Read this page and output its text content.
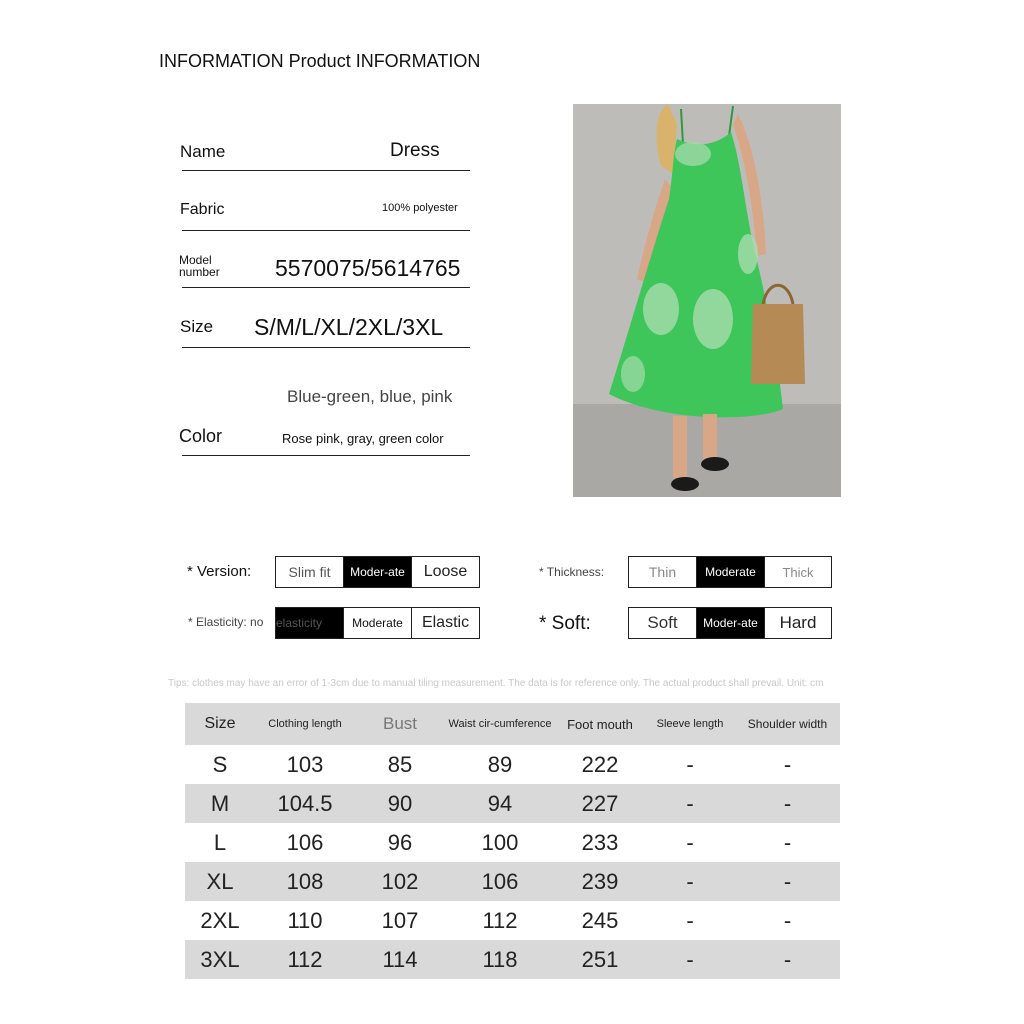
INFORMATION Product INFORMATION
Name	Dress
Fabric	100% polyester
Model number	5570075/5614765
Size S/M/L/XL/2XL/3XL
Blue-green, blue, pink
Color	Rose pink, gray, green color
* Version:	Slim fit	Moder-ate	Loose	* Thickness:	Thin	Moderate	Thick
* Elasticity: no elasticity	Moderate	Elastic	* Soft:	Soft	Moder-ate	Hard
Tips: clothes may have an error of 1-3cm due to manual tiling measurement. The data is for reference only. The actual product shall prevail. Unit: cm
Size	Clothing length	Bust	Waist cir-cumference	Foot mouth	Sleeve length	Shoulder width
S	103	85	89	222	-	-
M	104.5	90	94	227	-	-
L	106	96	100	233	-	-
XL	108	102	106	239	-	-
2XL	110	107	112	245	-	-
3XL	112	114	118	251	-	-
